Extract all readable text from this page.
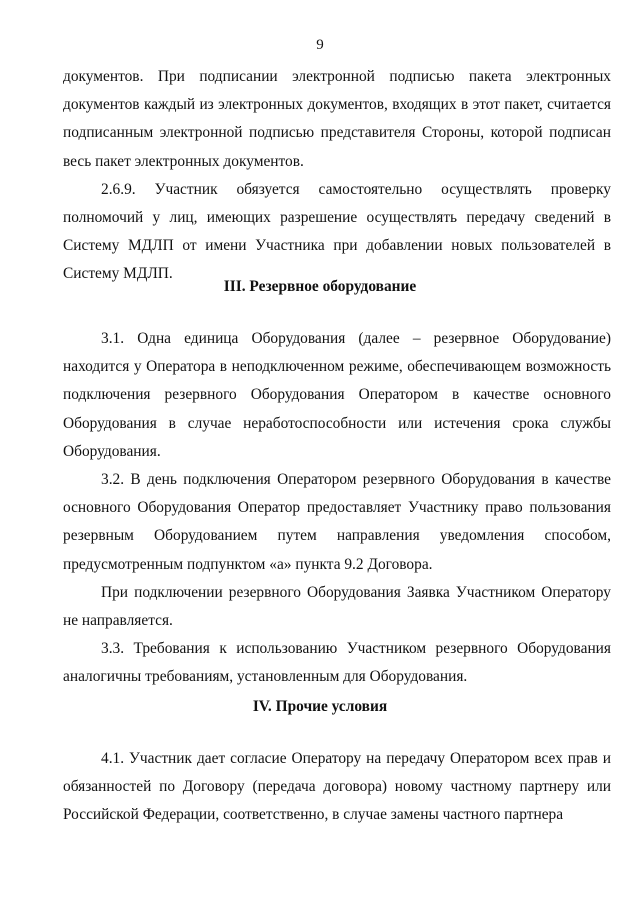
9

документов. При подписании электронной подписью пакета электронных документов каждый из электронных документов, входящих в этот пакет, считается подписанным электронной подписью представителя Стороны, которой подписан весь пакет электронных документов.

2.6.9. Участник обязуется самостоятельно осуществлять проверку полномочий у лиц, имеющих разрешение осуществлять передачу сведений в Систему МДЛП от имени Участника при добавлении новых пользователей в Систему МДЛП.

III. Резервное оборудование

3.1. Одна единица Оборудования (далее – резервное Оборудование) находится у Оператора в неподключенном режиме, обеспечивающем возможность подключения резервного Оборудования Оператором в качестве основного Оборудования в случае неработоспособности или истечения срока службы Оборудования.

3.2. В день подключения Оператором резервного Оборудования в качестве основного Оборудования Оператор предоставляет Участнику право пользования резервным Оборудованием путем направления уведомления способом, предусмотренным подпунктом «а» пункта 9.2 Договора.

При подключении резервного Оборудования Заявка Участником Оператору не направляется.

3.3. Требования к использованию Участником резервного Оборудования аналогичны требованиям, установленным для Оборудования.

IV. Прочие условия

4.1. Участник дает согласие Оператору на передачу Оператором всех прав и обязанностей по Договору (передача договора) новому частному партнеру или Российской Федерации, соответственно, в случае замены частного партнера
